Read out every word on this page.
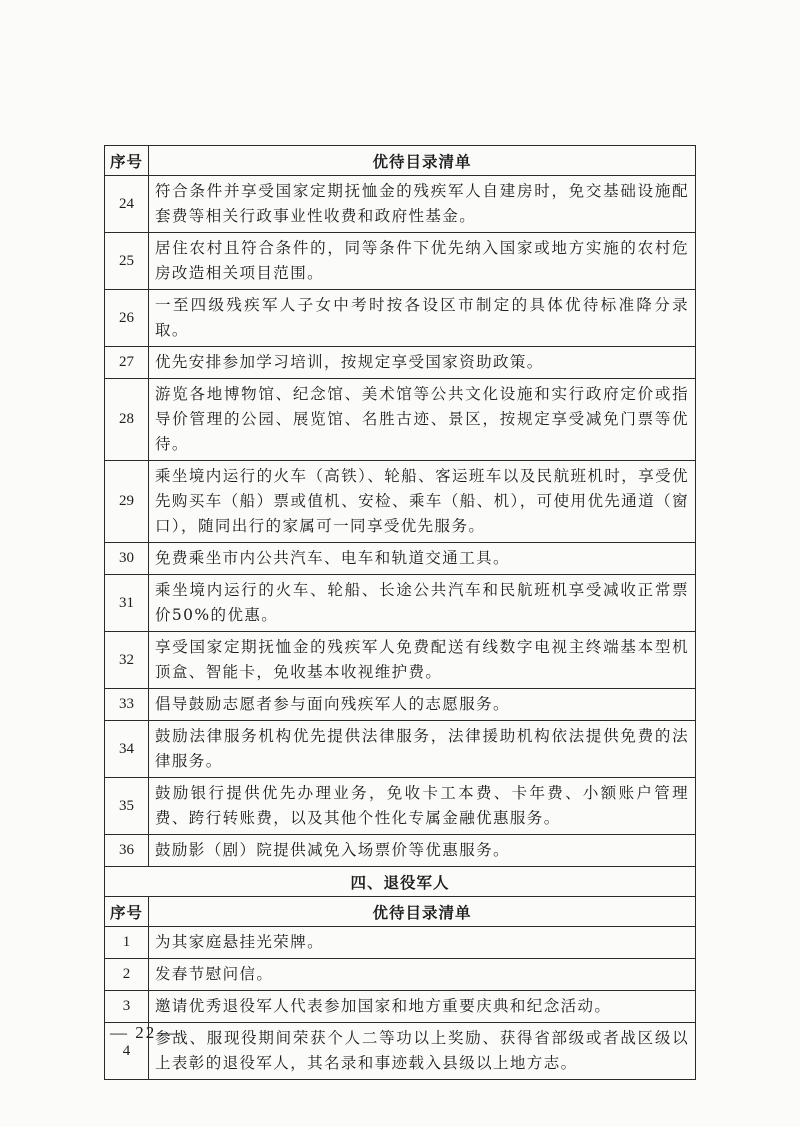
序号	优待目录清单
24	符合条件并享受国家定期抚恤金的残疾军人自建房时，免交基础设施配套费等相关行政事业性收费和政府性基金。
25	居住农村且符合条件的，同等条件下优先纳入国家或地方实施的农村危房改造相关项目范围。
26	一至四级残疾军人子女中考时按各设区市制定的具体优待标准降分录取。
27	优先安排参加学习培训，按规定享受国家资助政策。
28	游览各地博物馆、纪念馆、美术馆等公共文化设施和实行政府定价或指导价管理的公园、展览馆、名胜古迹、景区，按规定享受减免门票等优待。
29	乘坐境内运行的火车（高铁）、轮船、客运班车以及民航班机时，享受优先购买车（船）票或值机、安检、乘车（船、机），可使用优先通道（窗口），随同出行的家属可一同享受优先服务。
30	免费乘坐市内公共汽车、电车和轨道交通工具。
31	乘坐境内运行的火车、轮船、长途公共汽车和民航班机享受减收正常票价50%的优惠。
32	享受国家定期抚恤金的残疾军人免费配送有线数字电视主终端基本型机顶盒、智能卡，免收基本收视维护费。
33	倡导鼓励志愿者参与面向残疾军人的志愿服务。
34	鼓励法律服务机构优先提供法律服务，法律援助机构依法提供免费的法律服务。
35	鼓励银行提供优先办理业务，免收卡工本费、卡年费、小额账户管理费、跨行转账费，以及其他个性化专属金融优惠服务。
36	鼓励影（剧）院提供减免入场票价等优惠服务。
四、退役军人	
序号	优待目录清单
1	为其家庭悬挂光荣牌。
2	发春节慰问信。
3	邀请优秀退役军人代表参加国家和地方重要庆典和纪念活动。
4	参战、服现役期间荣获个人二等功以上奖励、获得省部级或者战区级以上表彰的退役军人，其名录和事迹载入县级以上地方志。
— 22 —
